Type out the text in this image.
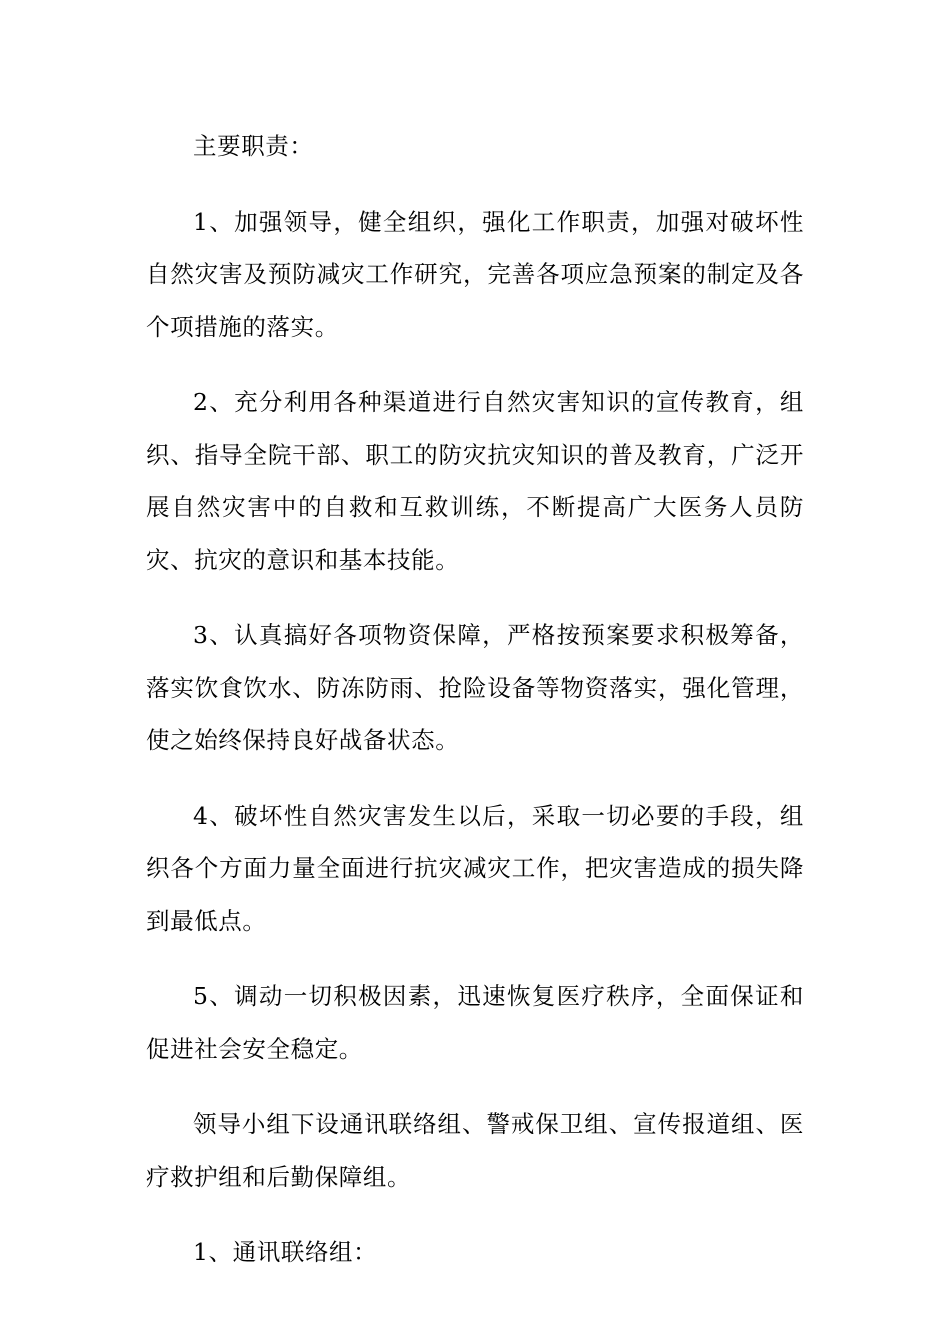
主要职责：

1、加强领导，健全组织，强化工作职责，加强对破坏性自然灾害及预防减灾工作研究，完善各项应急预案的制定及各个项措施的落实。

2、充分利用各种渠道进行自然灾害知识的宣传教育，组织、指导全院干部、职工的防灾抗灾知识的普及教育，广泛开展自然灾害中的自救和互救训练，不断提高广大医务人员防灾、抗灾的意识和基本技能。

3、认真搞好各项物资保障，严格按预案要求积极筹备，落实饮食饮水、防冻防雨、抢险设备等物资落实，强化管理，使之始终保持良好战备状态。

4、破坏性自然灾害发生以后，采取一切必要的手段，组织各个方面力量全面进行抗灾减灾工作，把灾害造成的损失降到最低点。

5、调动一切积极因素，迅速恢复医疗秩序，全面保证和促进社会安全稳定。

领导小组下设通讯联络组、警戒保卫组、宣传报道组、医疗救护组和后勤保障组。

1、通讯联络组：
